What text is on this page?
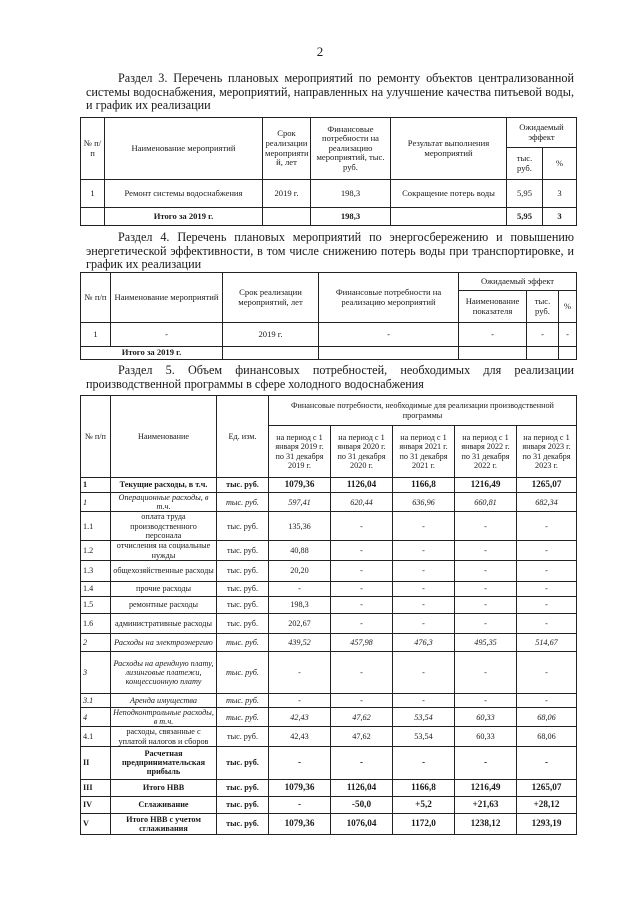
2
Раздел 3. Перечень плановых мероприятий по ремонту объектов централизованной системы водоснабжения, мероприятий, направленных на улучшение качества питьевой воды, и график их реализации
№ п/ п	Наименование мероприятий	Срок реализации мероприяти й, лет	Финансовые потребности на реализацию мероприятий, тыс. руб.	Результат выполнения мероприятий	Ожидаемый эффект	
					тыс. руб.	%
1	Ремонт системы водоснабжения	2019 г.	198,3	Сокращение потерь воды	5,95	3
	Итого за 2019 г.		198,3		5,95	3
Раздел 4. Перечень плановых мероприятий по энергосбережению и повышению энергетической эффективности, в том числе снижению потерь воды при транспортировке, и график их реализации
№ п/п	Наименование мероприятий	Срок реализации мероприятий, лет	Финансовые потребности на реализацию мероприятий	Ожидаемый эффект		
				Наименование показателя	тыс. руб.	%
1	-	2019 г.	-	-	-	-
Итого за 2019 г.						
Раздел 5. Объем финансовых потребностей, необходимых для реализации производственной программы в сфере холодного водоснабжения
№ п/п	Наименование	Ед. изм.	Финансовые потребности, необходимые для реализации производственной программы				
			на период с 1 января 2019 г. по 31 декабря 2019 г.	на период с 1 января 2020 г. по 31 декабря 2020 г.	на период с 1 января 2021 г. по 31 декабря 2021 г.	на период с 1 января 2022 г. по 31 декабря 2022 г.	на период с 1 января 2023 г. по 31 декабря 2023 г.
1	Текущие расходы, в т.ч.	тыс. руб.	1079,36	1126,04	1166,8	1216,49	1265,07
1	Операционные расходы, в т.ч.	тыс. руб.	597,41	620,44	636,96	660,81	682,34
1.1	оплата труда производственного персонала	тыс. руб.	135,36	-	-	-	-
1.2	отчисления на социальные нужды	тыс. руб.	40,88	-	-	-	-
1.3	общехозяйственные расходы	тыс. руб.	20,20	-	-	-	-
1.4	прочие расходы	тыс. руб.	-	-	-	-	-
1.5	ремонтные расходы	тыс. руб.	198,3	-	-	-	-
1.6	административные расходы	тыс. руб.	202,67	-	-	-	-
2	Расходы на электроэнергию	тыс. руб.	439,52	457,98	476,3	495,35	514,67
3	Расходы на арендную плату, лизинговые платежи, концессионную плату	тыс. руб.	-	-	-	-	-
3.1	Аренда имущества	тыс. руб.	-	-	-	-	-
4	Неподконтрольные расходы, в т.ч.	тыс. руб.	42,43	47,62	53,54	60,33	68,06
4.1	расходы, связанные с уплатой налогов и сборов	тыс. руб.	42,43	47,62	53,54	60,33	68,06
II	Расчетная предпринимательская прибыль	тыс. руб.	-	-	-	-	-
III	Итого НВВ	тыс. руб.	1079,36	1126,04	1166,8	1216,49	1265,07
IV	Сглаживание	тыс. руб.	-	-50,0	+5,2	+21,63	+28,12
V	Итого НВВ с учетом сглаживания	тыс. руб.	1079,36	1076,04	1172,0	1238,12	1293,19
